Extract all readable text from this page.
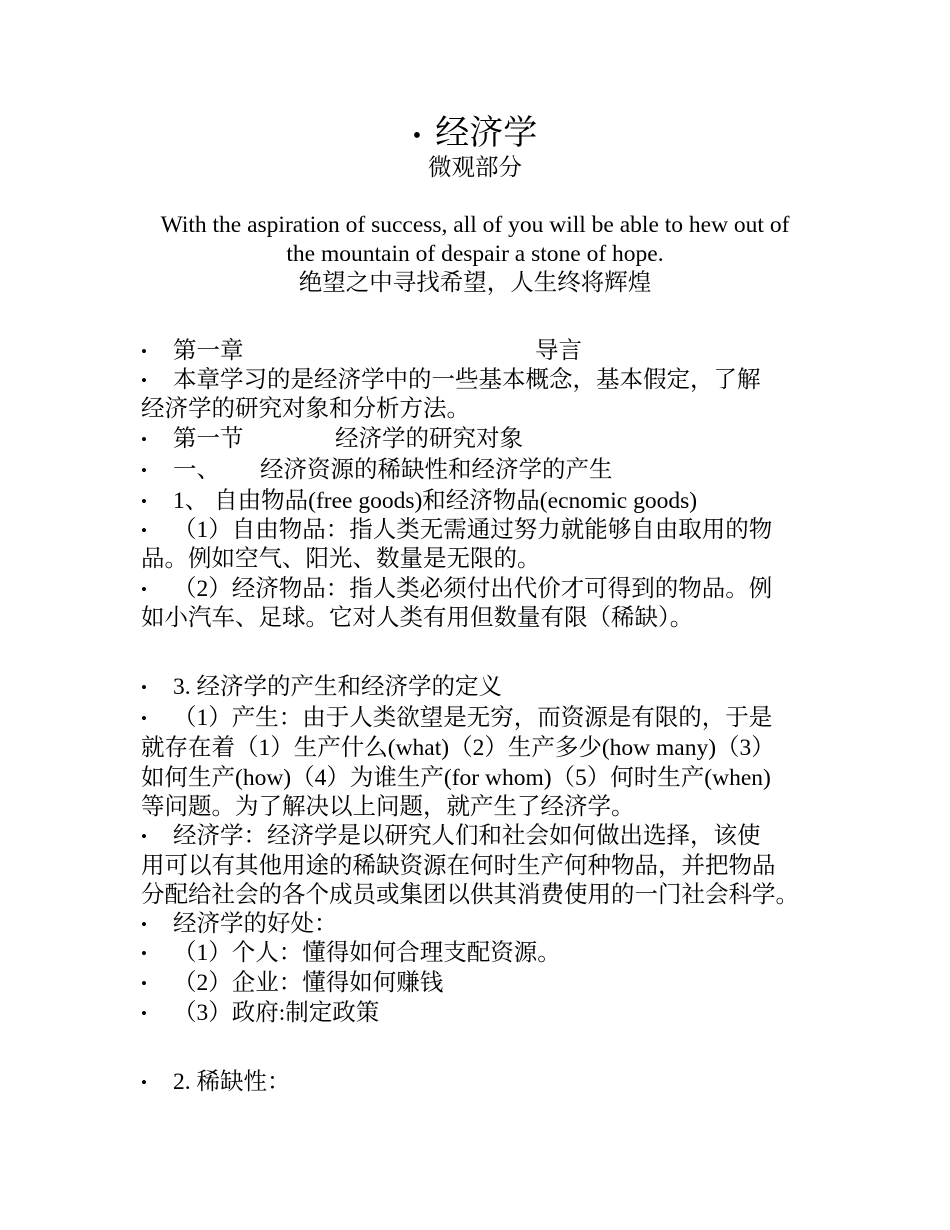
• 经济学
微观部分
With the aspiration of success, all of you will be able to hew out of
the mountain of despair a stone of hope.
绝望之中寻找希望，人生终将辉煌
• 第一章	导言
• 本章学习的是经济学中的一些基本概念，基本假定，了解
经济学的研究对象和分析方法。
• 第一节	经济学的研究对象
• 一、 经济资源的稀缺性和经济学的产生
• 1、 自由物品(free goods)和经济物品(ecnomic goods)
• （1）自由物品：指人类无需通过努力就能够自由取用的物
品。例如空气、阳光、数量是无限的。
• （2）经济物品：指人类必须付出代价才可得到的物品。例
如小汽车、足球。它对人类有用但数量有限（稀缺）。
• 3. 经济学的产生和经济学的定义
• （1）产生：由于人类欲望是无穷，而资源是有限的，于是
就存在着（1）生产什么(what)（2）生产多少(how many)（3）
如何生产(how)（4）为谁生产(for whom)（5）何时生产(when)
等问题。为了解决以上问题，就产生了经济学。
• 经济学：经济学是以研究人们和社会如何做出选择，该使
用可以有其他用途的稀缺资源在何时生产何种物品，并把物品
分配给社会的各个成员或集团以供其消费使用的一门社会科学。
• 经济学的好处：
• （1）个人：懂得如何合理支配资源。
• （2）企业：懂得如何赚钱
• （3）政府:制定政策
• 2. 稀缺性：
